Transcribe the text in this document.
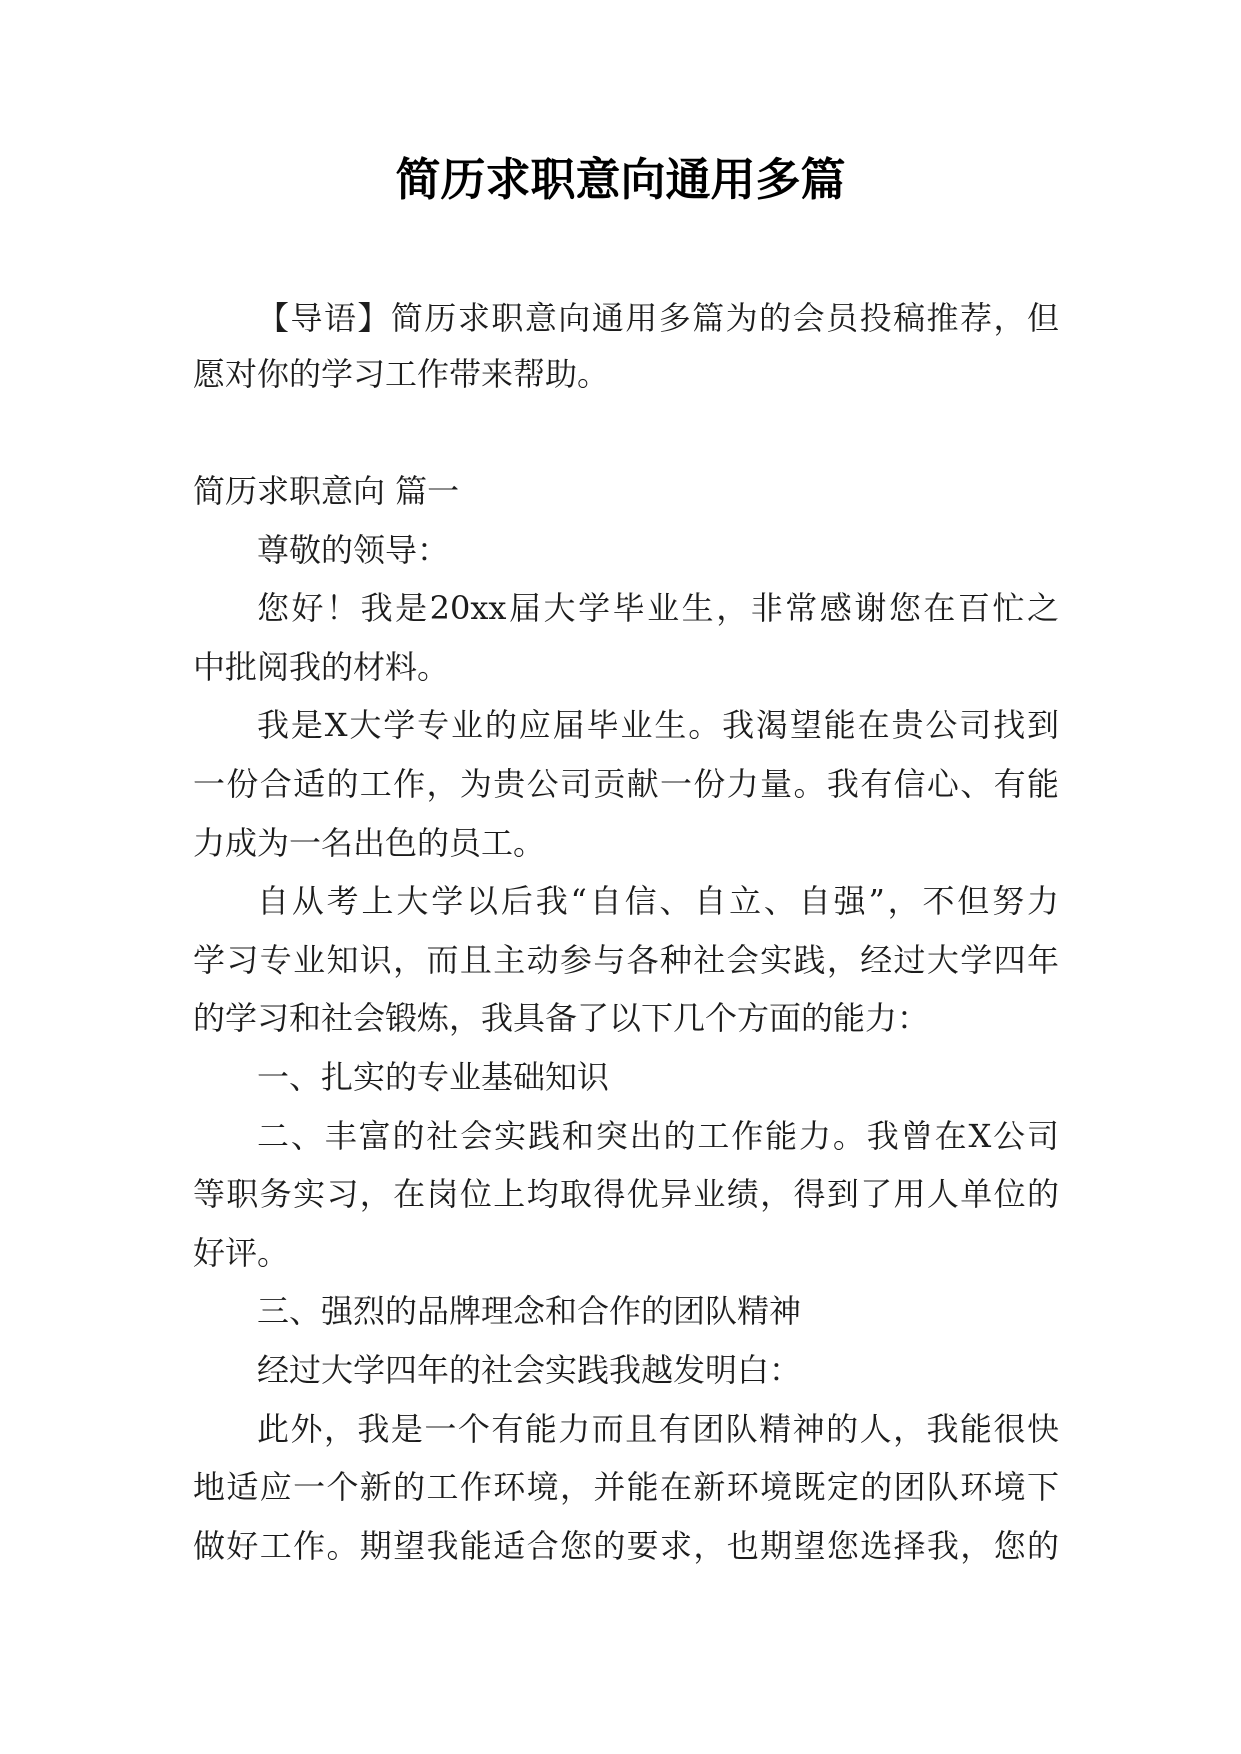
简历求职意向通用多篇
【导语】简历求职意向通用多篇为的会员投稿推荐，但
愿对你的学习工作带来帮助。
简历求职意向 篇一
尊敬的领导：
您好！我是20xx届大学毕业生，非常感谢您在百忙之
中批阅我的材料。
我是X大学专业的应届毕业生。我渴望能在贵公司找到
一份合适的工作，为贵公司贡献一份力量。我有信心、有能
力成为一名出色的员工。
自从考上大学以后我“自信、自立、自强”，不但努力
学习专业知识，而且主动参与各种社会实践，经过大学四年
的学习和社会锻炼，我具备了以下几个方面的能力：
一、扎实的专业基础知识
二、丰富的社会实践和突出的工作能力。我曾在X公司
等职务实习，在岗位上均取得优异业绩，得到了用人单位的
好评。
三、强烈的品牌理念和合作的团队精神
经过大学四年的社会实践我越发明白：
此外，我是一个有能力而且有团队精神的人，我能很快
地适应一个新的工作环境，并能在新环境既定的团队环境下
做好工作。期望我能适合您的要求，也期望您选择我，您的
